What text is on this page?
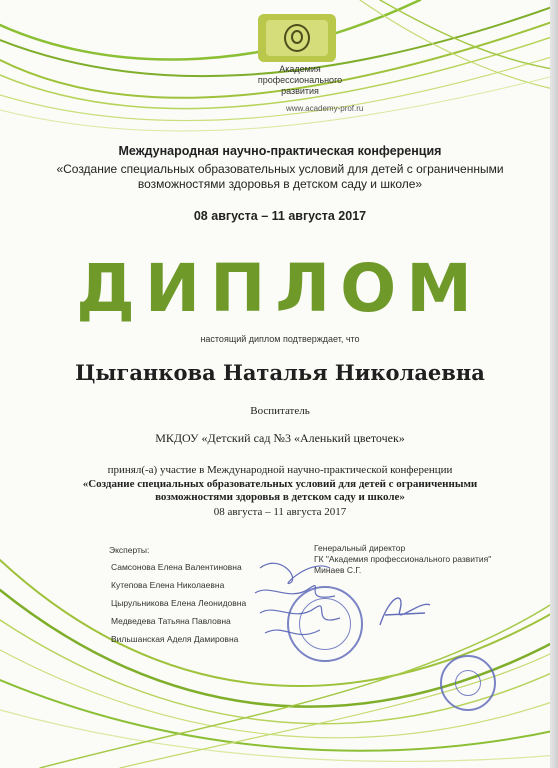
Академия
профессионального развития
www.academy-prof.ru
Международная научно-практическая конференция
«Создание специальных образовательных условий для детей с ограниченными
возможностями здоровья в детском саду и школе»
08 августа – 11 августа 2017
ДИПЛОМ
настоящий диплом подтверждает, что
Цыганкова Наталья Николаевна
Воспитатель
МКДОУ «Детский сад №3 «Аленький цветочек»
принял(-а) участие в Международной научно-практической конференции
«Создание специальных образовательных условий для детей с ограниченными
возможностями здоровья в детском саду и школе»
08 августа – 11 августа 2017
Эксперты:
Самсонова Елена Валентиновна
Кутепова Елена Николаевна
Цырульникова Елена Леонидовна
Медведева Татьяна Павловна
Вильшанская Аделя Дамировна
Генеральный директор
ГК "Академия профессионального развития"
Минаев С.Г.
